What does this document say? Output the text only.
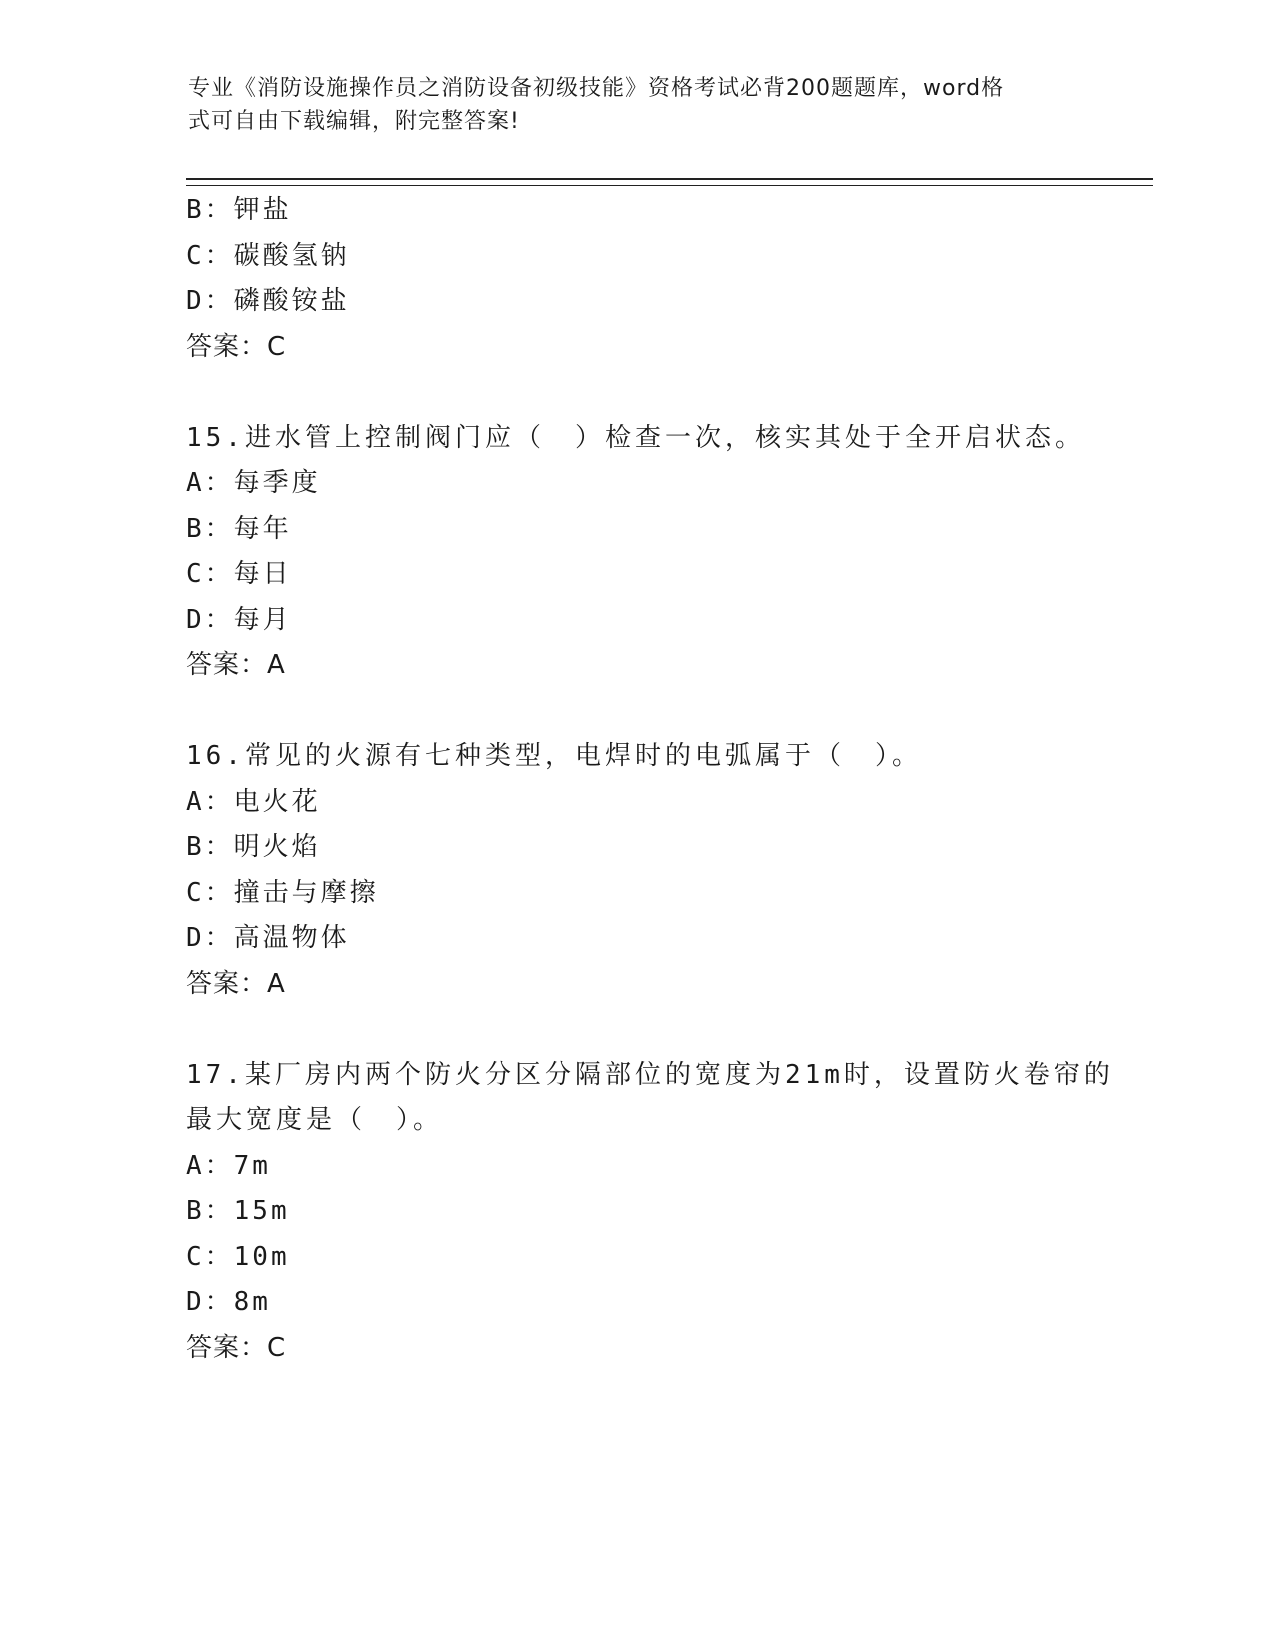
专业《消防设施操作员之消防设备初级技能》资格考试必背200题题库，word格
式可自由下载编辑，附完整答案!
B：钾盐
C：碳酸氢钠
D：磷酸铵盐
答案：C
15.进水管上控制阀门应（　）检查一次，核实其处于全开启状态。
A：每季度
B：每年
C：每日
D：每月
答案：A
16.常见的火源有七种类型，电焊时的电弧属于（　）。
A：电火花
B：明火焰
C：撞击与摩擦
D：高温物体
答案：A
17.某厂房内两个防火分区分隔部位的宽度为21m时，设置防火卷帘的
最大宽度是（　）。
A：7m
B：15m
C：10m
D：8m
答案：C
